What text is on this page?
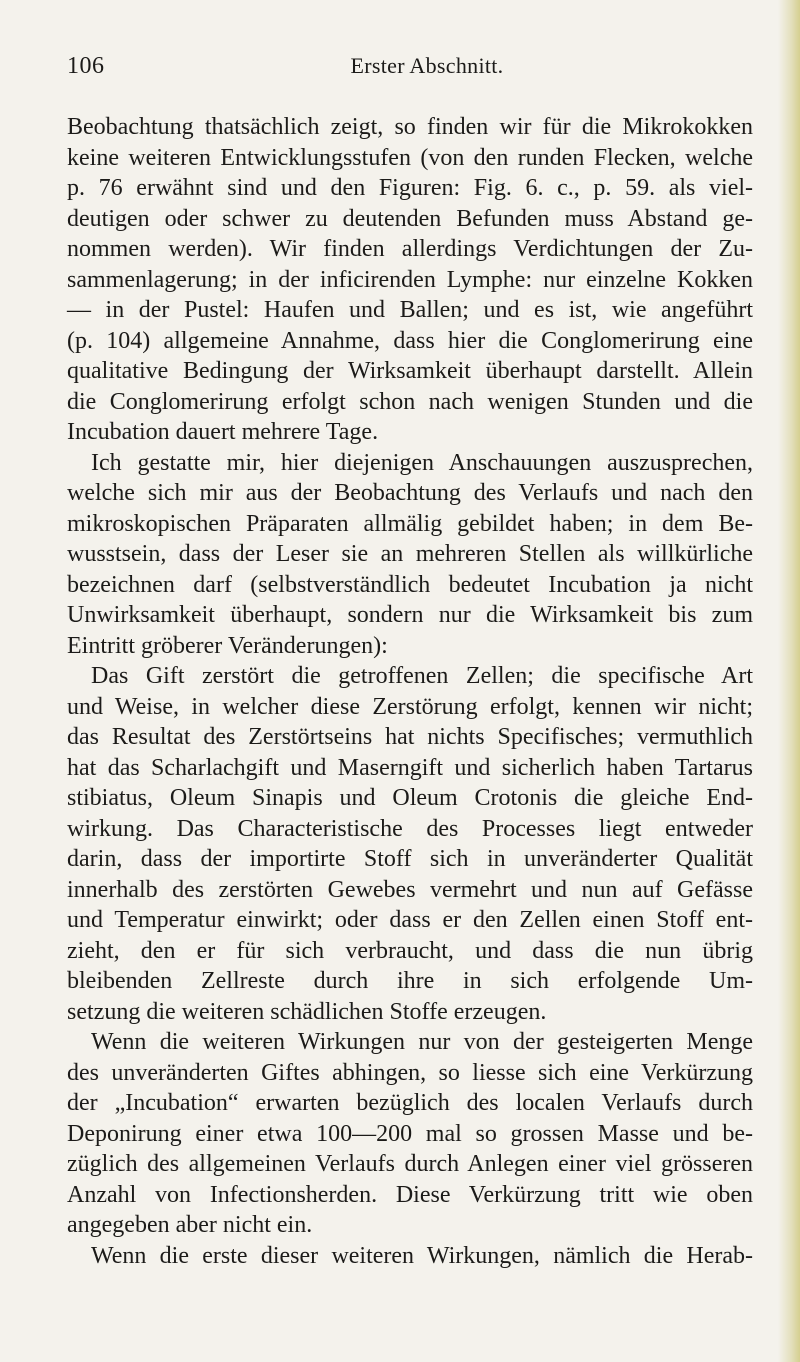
106	Erster Abschnitt.
Beobachtung thatsächlich zeigt, so finden wir für die Mikrokokken
keine weiteren Entwicklungsstufen (von den runden Flecken, welche
p. 76 erwähnt sind und den Figuren: Fig. 6. c., p. 59. als viel-
deutigen oder schwer zu deutenden Befunden muss Abstand ge-
nommen werden). Wir finden allerdings Verdichtungen der Zu-
sammenlagerung; in der inficirenden Lymphe: nur einzelne Kokken
— in der Pustel: Haufen und Ballen; und es ist, wie angeführt
(p. 104) allgemeine Annahme, dass hier die Conglomerirung eine
qualitative Bedingung der Wirksamkeit überhaupt darstellt. Allein
die Conglomerirung erfolgt schon nach wenigen Stunden und die
Incubation dauert mehrere Tage.
Ich gestatte mir, hier diejenigen Anschauungen auszusprechen,
welche sich mir aus der Beobachtung des Verlaufs und nach den
mikroskopischen Präparaten allmälig gebildet haben; in dem Be-
wusstsein, dass der Leser sie an mehreren Stellen als willkürliche
bezeichnen darf (selbstverständlich bedeutet Incubation ja nicht
Unwirksamkeit überhaupt, sondern nur die Wirksamkeit bis zum
Eintritt gröberer Veränderungen):
Das Gift zerstört die getroffenen Zellen; die specifische Art
und Weise, in welcher diese Zerstörung erfolgt, kennen wir nicht;
das Resultat des Zerstörtseins hat nichts Specifisches; vermuthlich
hat das Scharlachgift und Maserngift und sicherlich haben Tartarus
stibiatus, Oleum Sinapis und Oleum Crotonis die gleiche End-
wirkung. Das Characteristische des Processes liegt entweder
darin, dass der importirte Stoff sich in unveränderter Qualität
innerhalb des zerstörten Gewebes vermehrt und nun auf Gefässe
und Temperatur einwirkt; oder dass er den Zellen einen Stoff ent-
zieht, den er für sich verbraucht, und dass die nun übrig
bleibenden Zellreste durch ihre in sich erfolgende Um-
setzung die weiteren schädlichen Stoffe erzeugen.
Wenn die weiteren Wirkungen nur von der gesteigerten Menge
des unveränderten Giftes abhingen, so liesse sich eine Verkürzung
der „Incubation“ erwarten bezüglich des localen Verlaufs durch
Deponirung einer etwa 100—200 mal so grossen Masse und be-
züglich des allgemeinen Verlaufs durch Anlegen einer viel grösseren
Anzahl von Infectionsherden. Diese Verkürzung tritt wie oben
angegeben aber nicht ein.
Wenn die erste dieser weiteren Wirkungen, nämlich die Herab-
